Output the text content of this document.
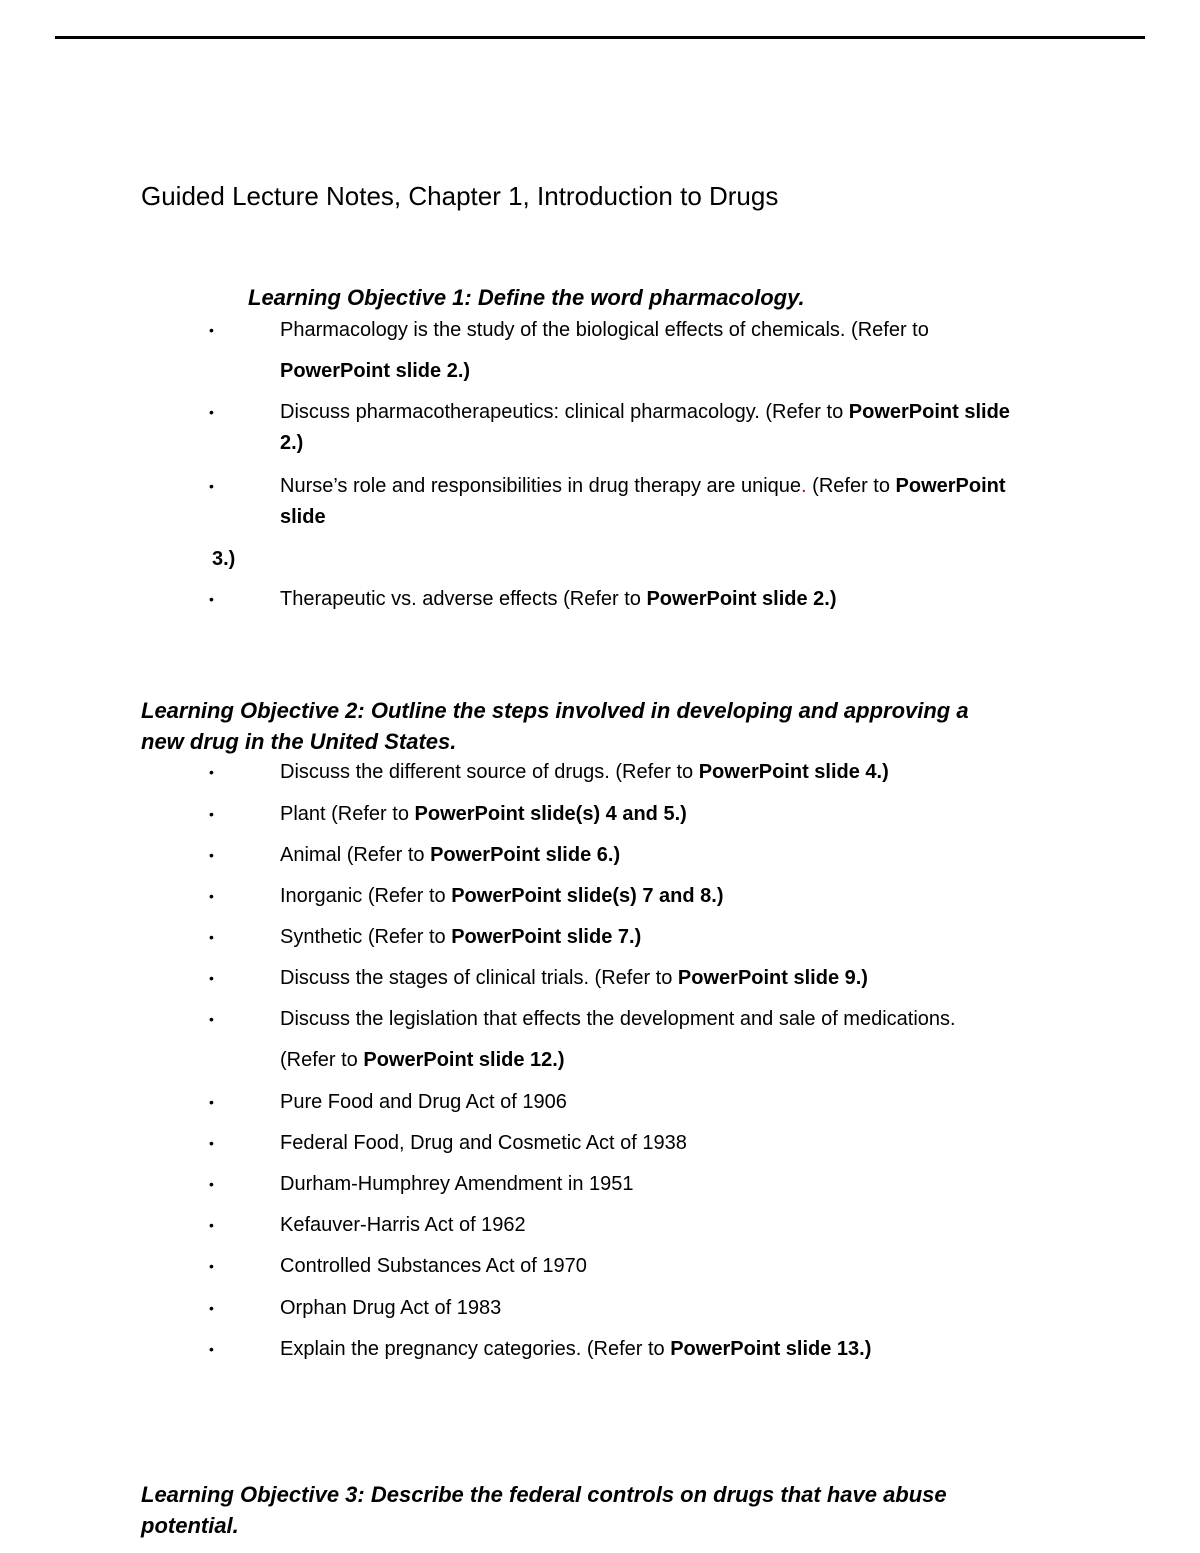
Guided Lecture Notes, Chapter 1, Introduction to Drugs
Learning Objective 1: Define the word pharmacology.
•	Pharmacology is the study of the biological effects of chemicals. (Refer to
PowerPoint slide 2.)
•	Discuss pharmacotherapeutics: clinical pharmacology. (Refer to PowerPoint slide
2.)
•	Nurse’s role and responsibilities in drug therapy are unique. (Refer to PowerPoint
slide
3.)
•	Therapeutic vs. adverse effects (Refer to PowerPoint slide 2.)
Learning Objective 2: Outline the steps involved in developing and approving a
new drug in the United States.
•	Discuss the different source of drugs. (Refer to PowerPoint slide 4.)
•	Plant (Refer to PowerPoint slide(s) 4 and 5.)
•	Animal (Refer to PowerPoint slide 6.)
•	Inorganic (Refer to PowerPoint slide(s) 7 and 8.)
•	Synthetic (Refer to PowerPoint slide 7.)
•	Discuss the stages of clinical trials. (Refer to PowerPoint slide 9.)
•	Discuss the legislation that effects the development and sale of medications.
(Refer to PowerPoint slide 12.)
•	Pure Food and Drug Act of 1906
•	Federal Food, Drug and Cosmetic Act of 1938
•	Durham-Humphrey Amendment in 1951
•	Kefauver-Harris Act of 1962
•	Controlled Substances Act of 1970
•	Orphan Drug Act of 1983
•	Explain the pregnancy categories. (Refer to PowerPoint slide 13.)
Learning Objective 3: Describe the federal controls on drugs that have abuse
potential.
